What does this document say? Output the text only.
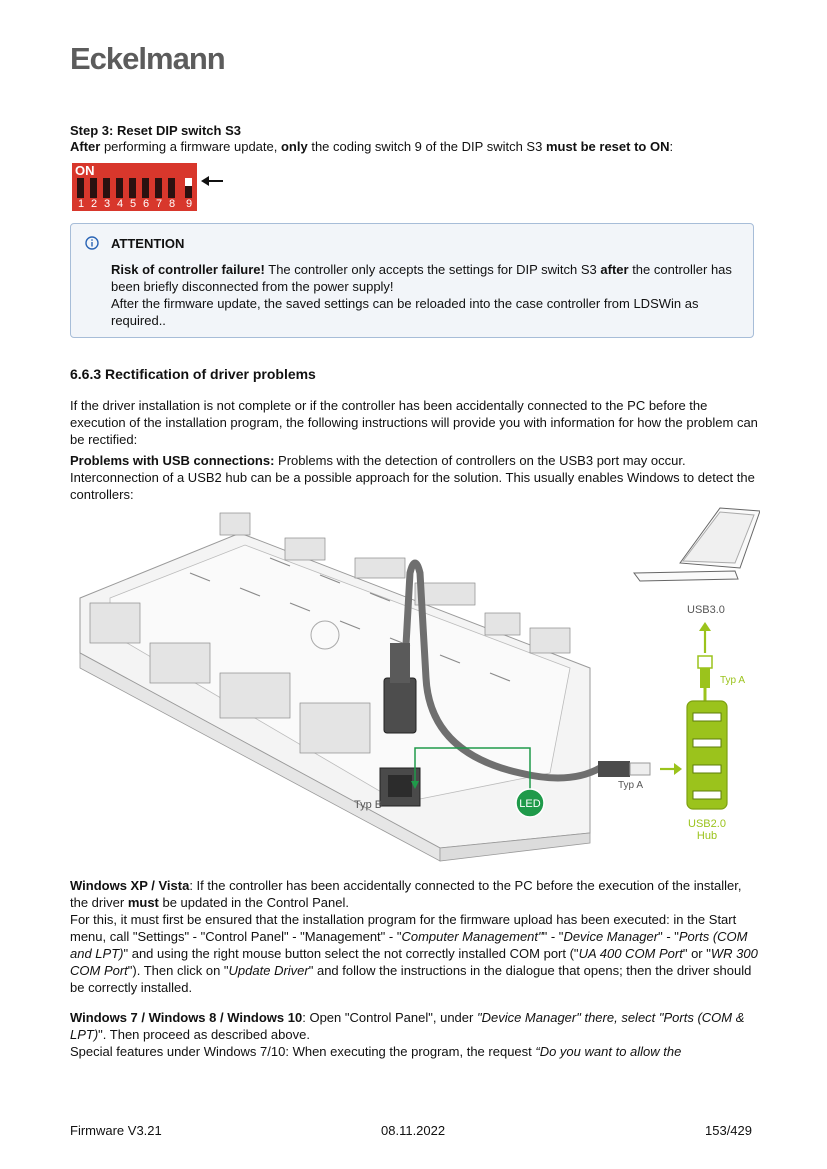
Eckelmann
Step 3: Reset DIP switch S3
After performing a firmware update, only the coding switch 9 of the DIP switch S3 must be reset to ON:
ON
1 2 3 4 5 6 7 8 9
ATTENTION

Risk of controller failure! The controller only accepts the settings for DIP switch S3 after the controller has been briefly disconnected from the power supply!

After the firmware update, the saved settings can be reloaded into the case controller from LDSWin as required..

6.6.3 Rectification of driver problems
If the driver installation is not complete or if the controller has been accidentally connected to the PC before the execution of the installation program, the following instructions will provide you with information for how the problem can be rectified:
Problems with USB connections: Problems with the detection of controllers on the USB3 port may occur. Interconnection of a USB2 hub can be a possible approach for the solution. This usually enables Windows to detect the controllers:
USB3.0
Typ A
Typ A
Typ B	LED
USB2.0
Hub

Windows XP / Vista: If the controller has been accidentally connected to the PC before the execution of the installer, the driver must be updated in the Control Panel.

For this, it must first be ensured that the installation program for the firmware upload has been executed: in the Start menu, call "Settings" - "Control Panel" - "Management" - "Computer Management"" - "Device Manager" - "Ports (COM and LPT)" and using the right mouse button select the not correctly installed COM port ("UA 400 COM Port" or "WR 300 COM Port"). Then click on "Update Driver" and follow the instructions in the dialogue that opens; then the driver should be correctly installed.

Windows 7 / Windows 8 / Windows 10: Open "Control Panel", under "Device Manager" there, select "Ports (COM & LPT)". Then proceed as described above.

Special features under Windows 7/10: When executing the program, the request “Do you want to allow the

Firmware V3.21	08.11.2022	153/429
